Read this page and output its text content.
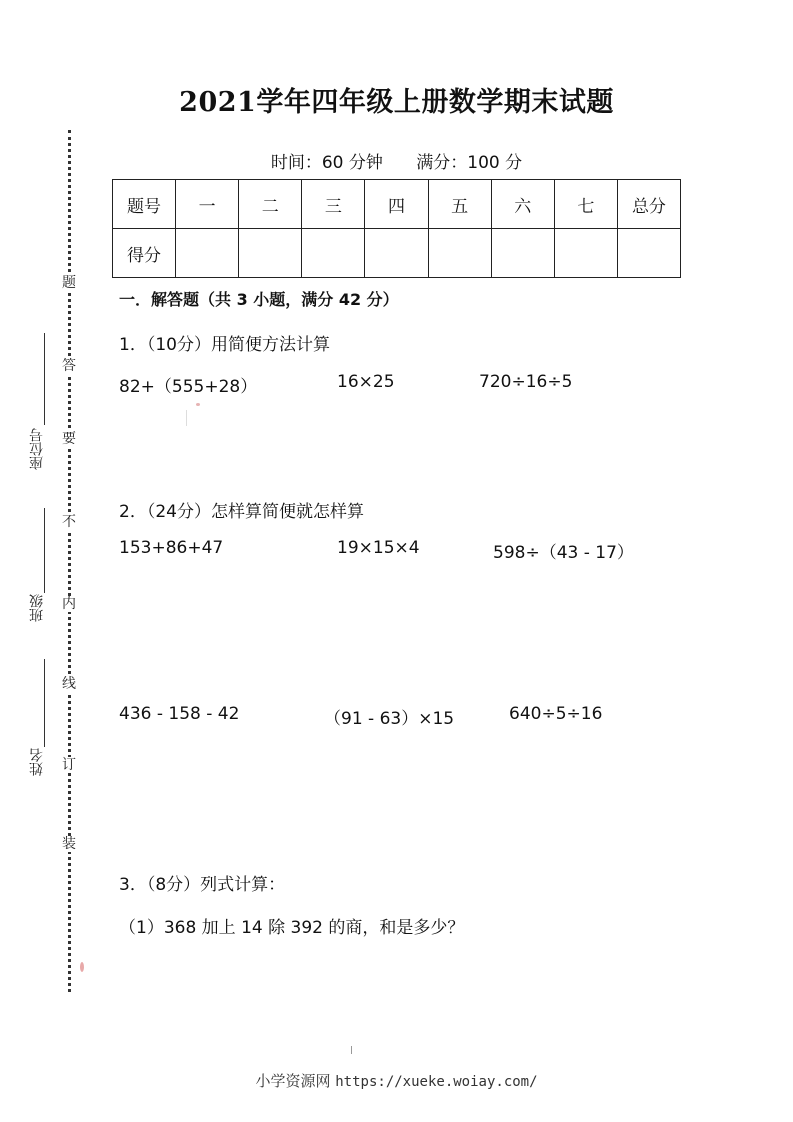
2021学年四年级上册数学期末试题
时间：60 分钟 满分：100 分
题号	一	二	三	四	五	六	七	总分
得分								
一．解答题（共 3 小题，满分 42 分）
1．（10分）用简便方法计算
82+（555+28）	16×25	720÷16÷5
2．（24分）怎样算简便就怎样算
153+86+47	19×15×4	598÷（43 - 17）
436 - 158 - 42	（91 - 63）×15	640÷5÷16
3．（8分）列式计算：
（1）368 加上 14 除 392 的商，和是多少？
题
答
要
不
内
线
订
装
座位号
班级
姓名
小学资源网 https://xueke.woiay.com/
